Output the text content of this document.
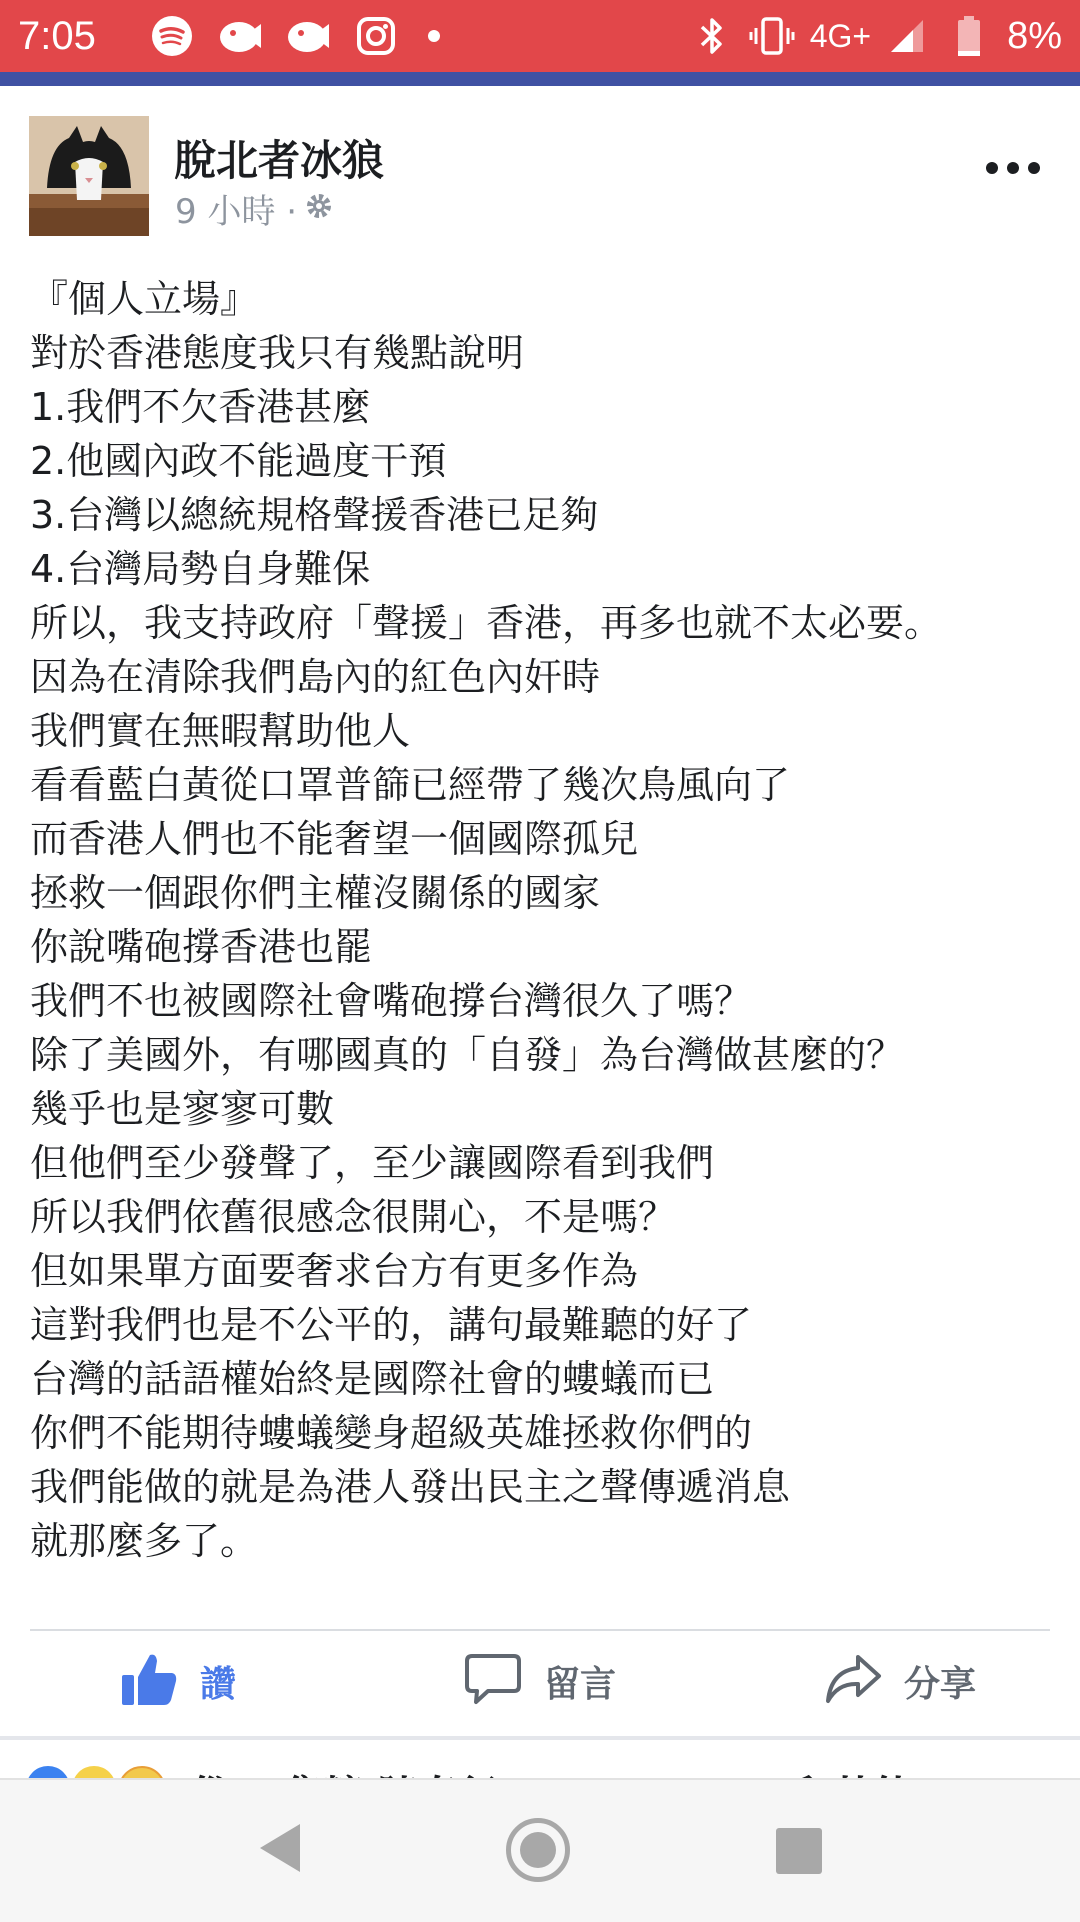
7:05	4G+	8%
脫北者冰狼
9 小時 ·
『個人立場』
對於香港態度我只有幾點說明
1.我們不欠香港甚麼
2.他國內政不能過度干預
3.台灣以總統規格聲援香港已足夠
4.台灣局勢自身難保
所以，我支持政府「聲援」香港，再多也就不太必要。
因為在清除我們島內的紅色內奸時
我們實在無暇幫助他人
看看藍白黃從口罩普篩已經帶了幾次鳥風向了
而香港人們也不能奢望一個國際孤兒
拯救一個跟你們主權沒關係的國家
你說嘴砲撐香港也罷
我們不也被國際社會嘴砲撐台灣很久了嗎？
除了美國外，有哪國真的「自發」為台灣做甚麼的？
幾乎也是寥寥可數
但他們至少發聲了，至少讓國際看到我們
所以我們依舊很感念很開心，不是嗎？
但如果單方面要奢求台方有更多作為
這對我們也是不公平的，講句最難聽的好了
台灣的話語權始終是國際社會的螻蟻而已
你們不能期待螻蟻變身超級英雄拯救你們的
我們能做的就是為港人發出民主之聲傳遞消息
就那麼多了。
讚	留言	分享
